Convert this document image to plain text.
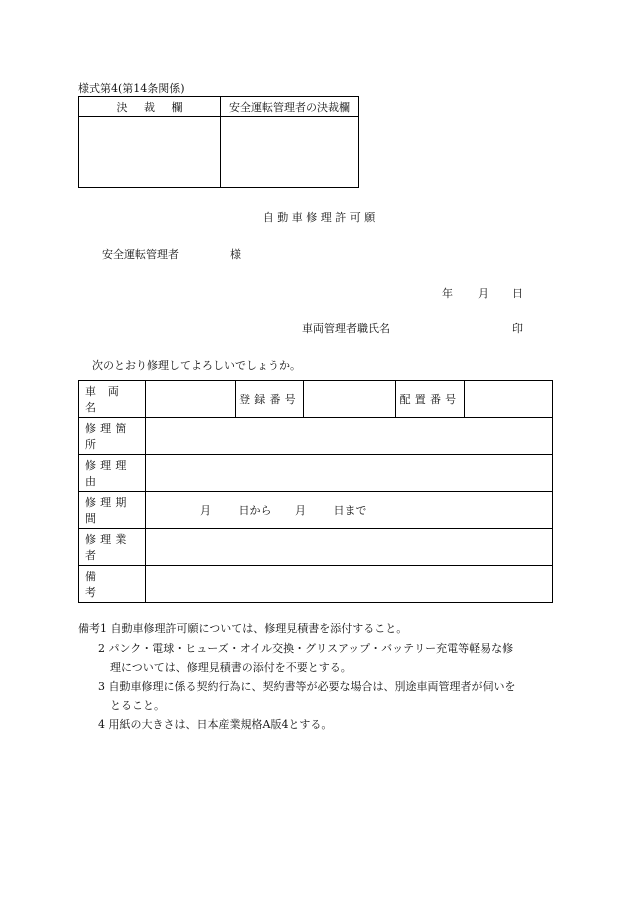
様式第4(第14条関係)
決裁欄	安全運転管理者の決裁欄
自 動 車 修 理 許 可 願
安全運転管理者	様
年 月 日
車両管理者職氏名	印
次のとおり修理してよろしいでしょうか。
車 両 名		登録番号		配置番号	
修理箇所					
修理理由					
修理期間	月 日から 月 日まで				
修理業者					
備 考					
備考1 自動車修理許可願については、修理見積書を添付すること。
2 パンク・電球・ヒューズ・オイル交換・グリスアップ・バッテリー充電等軽易な修
理については、修理見積書の添付を不要とする。
3 自動車修理に係る契約行為に、契約書等が必要な場合は、別途車両管理者が伺いを
とること。
4 用紙の大きさは、日本産業規格A版4とする。
